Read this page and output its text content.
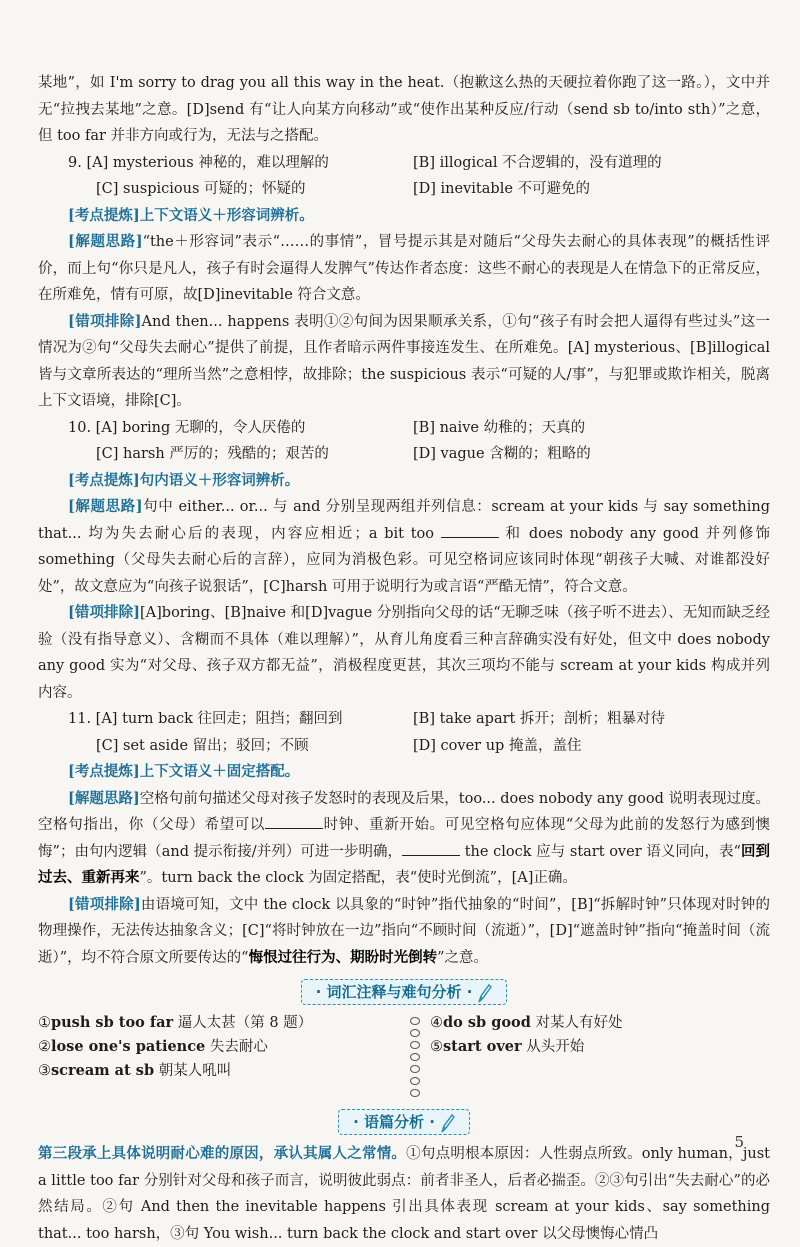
某地”，如 I'm sorry to drag you all this way in the heat.（抱歉这么热的天硬拉着你跑了这一路。），文中并无“拉拽去某地”之意。[D]send 有“让人向某方向移动”或“使作出某种反应/行动（send sb to/into sth）”之意，但 too far 并非方向或行为，无法与之搭配。

9. [A] mysterious 神秘的，难以理解的	[B] illogical 不合逻辑的，没有道理的
[C] suspicious 可疑的；怀疑的	[D] inevitable 不可避免的

[考点提炼]上下文语义＋形容词辨析。

[解题思路]“the＋形容词”表示“……的事情”，冒号提示其是对随后“父母失去耐心的具体表现”的概括性评价，而上句“你只是凡人，孩子有时会逼得人发脾气”传达作者态度：这些不耐心的表现是人在情急下的正常反应，在所难免，情有可原，故[D]inevitable 符合文意。

[错项排除]And then... happens 表明①②句间为因果顺承关系，①句“孩子有时会把人逼得有些过头”这一情况为②句“父母失去耐心”提供了前提，且作者暗示两件事接连发生、在所难免。[A] mysterious、[B]illogical 皆与文章所表达的“理所当然”之意相悖，故排除；the suspicious 表示“可疑的人/事”，与犯罪或欺诈相关，脱离上下文语境，排除[C]。

10. [A] boring 无聊的，令人厌倦的	[B] naive 幼稚的；天真的
[C] harsh 严厉的；残酷的；艰苦的	[D] vague 含糊的；粗略的

[考点提炼]句内语义＋形容词辨析。

[解题思路]句中 either... or... 与 and 分别呈现两组并列信息：scream at your kids 与 say something that... 均为失去耐心后的表现，内容应相近；a bit too	和 does nobody any good 并列修饰 something（父母失去耐心后的言辞），应同为消极色彩。可见空格词应该同时体现“朝孩子大喊、对谁都没好处”，故文意应为“向孩子说狠话”，[C]harsh 可用于说明行为或言语“严酷无情”，符合文意。

[错项排除][A]boring、[B]naive 和[D]vague 分别指向父母的话“无聊乏味（孩子听不进去）、无知而缺乏经验（没有指导意义）、含糊而不具体（难以理解）”，从育儿角度看三种言辞确实没有好处，但文中 does nobody any good 实为“对父母、孩子双方都无益”，消极程度更甚，其次三项均不能与 scream at your kids 构成并列内容。

11. [A] turn back 往回走；阻挡；翻回到	[B] take apart 拆开；剖析；粗暴对待
[C] set aside 留出；驳回；不顾	[D] cover up 掩盖，盖住

[考点提炼]上下文语义＋固定搭配。

[解题思路]空格句前句描述父母对孩子发怒时的表现及后果，too... does nobody any good 说明表现过度。空格句指出，你（父母）希望可以	时钟、重新开始。可见空格句应体现“父母为此前的发怒行为感到懊悔”；由句内逻辑（and 提示衔接/并列）可进一步明确，	the clock 应与 start over 语义同向，表“回到过去、重新再来”。turn back the clock 为固定搭配，表“使时光倒流”，[A]正确。

[错项排除]由语境可知，文中 the clock 以具象的“时钟”指代抽象的“时间”，[B]“拆解时钟”只体现对时钟的物理操作，无法传达抽象含义；[C]“将时钟放在一边”指向“不顾时间（流逝）”，[D]“遮盖时钟”指向“掩盖时间（流逝）”，均不符合原文所要传达的“悔恨过往行为、期盼时光倒转”之意。

· 词汇注释与难句分析 ·

①push sb too far 逼人太甚（第 8 题）

②lose one's patience 失去耐心

③scream at sb 朝某人吼叫

④do sb good 对某人有好处

⑤start over 从头开始

· 语篇分析 ·

第三段承上具体说明耐心难的原因，承认其属人之常情。①句点明根本原因：人性弱点所致。only human，just a little too far 分别针对父母和孩子而言，说明彼此弱点：前者非圣人，后者必揣歪。②③句引出“失去耐心”的必然结局。②句 And then the inevitable happens 引出具体表现 scream at your kids、say something that... too harsh，③句 You wish... turn back the clock and start over 以父母懊悔心情凸

5
